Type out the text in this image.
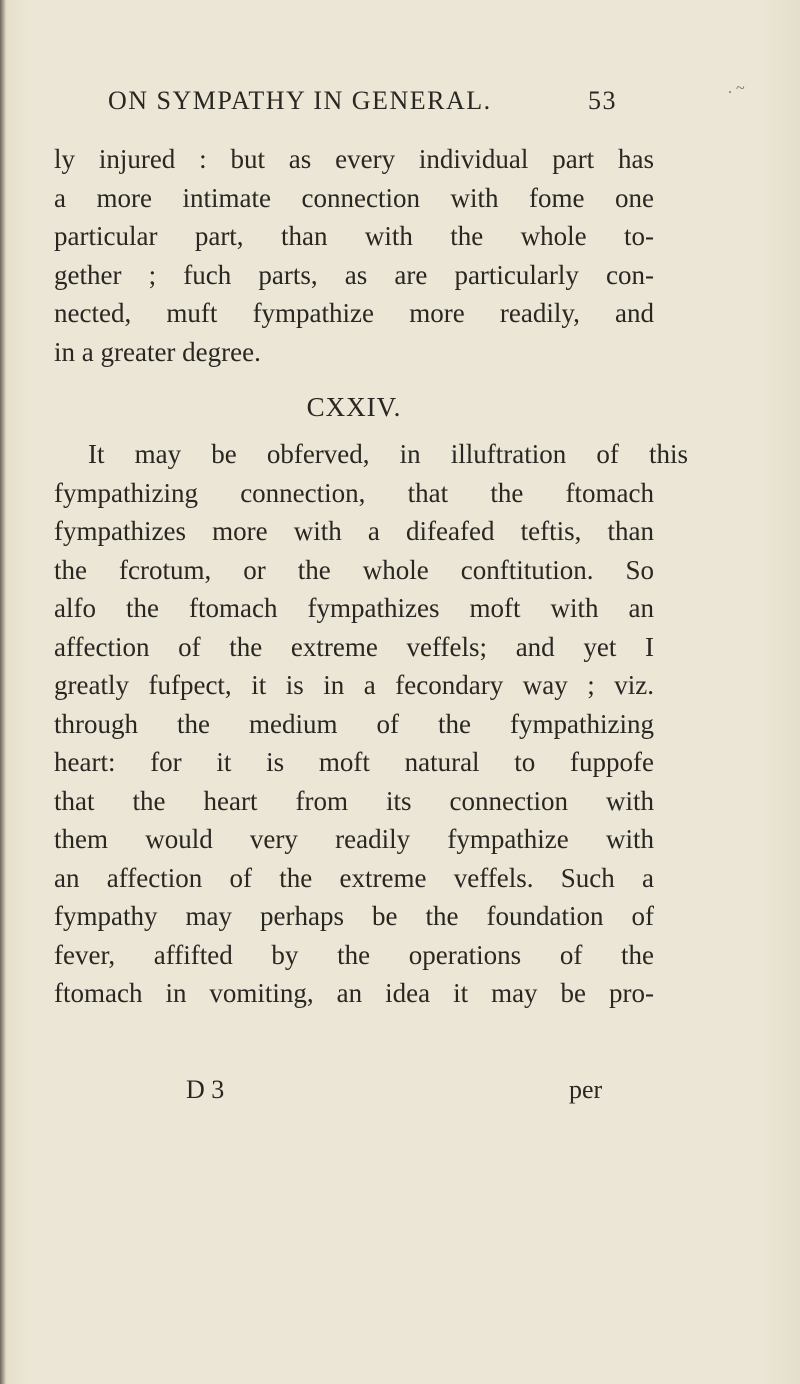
ON SYMPATHY IN GENERAL.	53	. ~
ly injured : but as every individual part has
a more intimate connection with fome one
particular part, than with the whole to-
gether ; fuch parts, as are particularly con-
nected, muft fympathize more readily, and
in a greater degree.
CXXIV.
It may be obferved, in illuftration of this
fympathizing connection, that the ftomach
fympathizes more with a difeafed teftis, than
the fcrotum, or the whole conftitution. So
alfo the ftomach fympathizes moft with an
affection of the extreme veffels; and yet I
greatly fufpect, it is in a fecondary way ; viz.
through the medium of the fympathizing
heart: for it is moft natural to fuppofe
that the heart from its connection with
them would very readily fympathize with
an affection of the extreme veffels. Such a
fympathy may perhaps be the foundation of
fever, affifted by the operations of the
ftomach in vomiting, an idea it may be pro-
D 3	per
